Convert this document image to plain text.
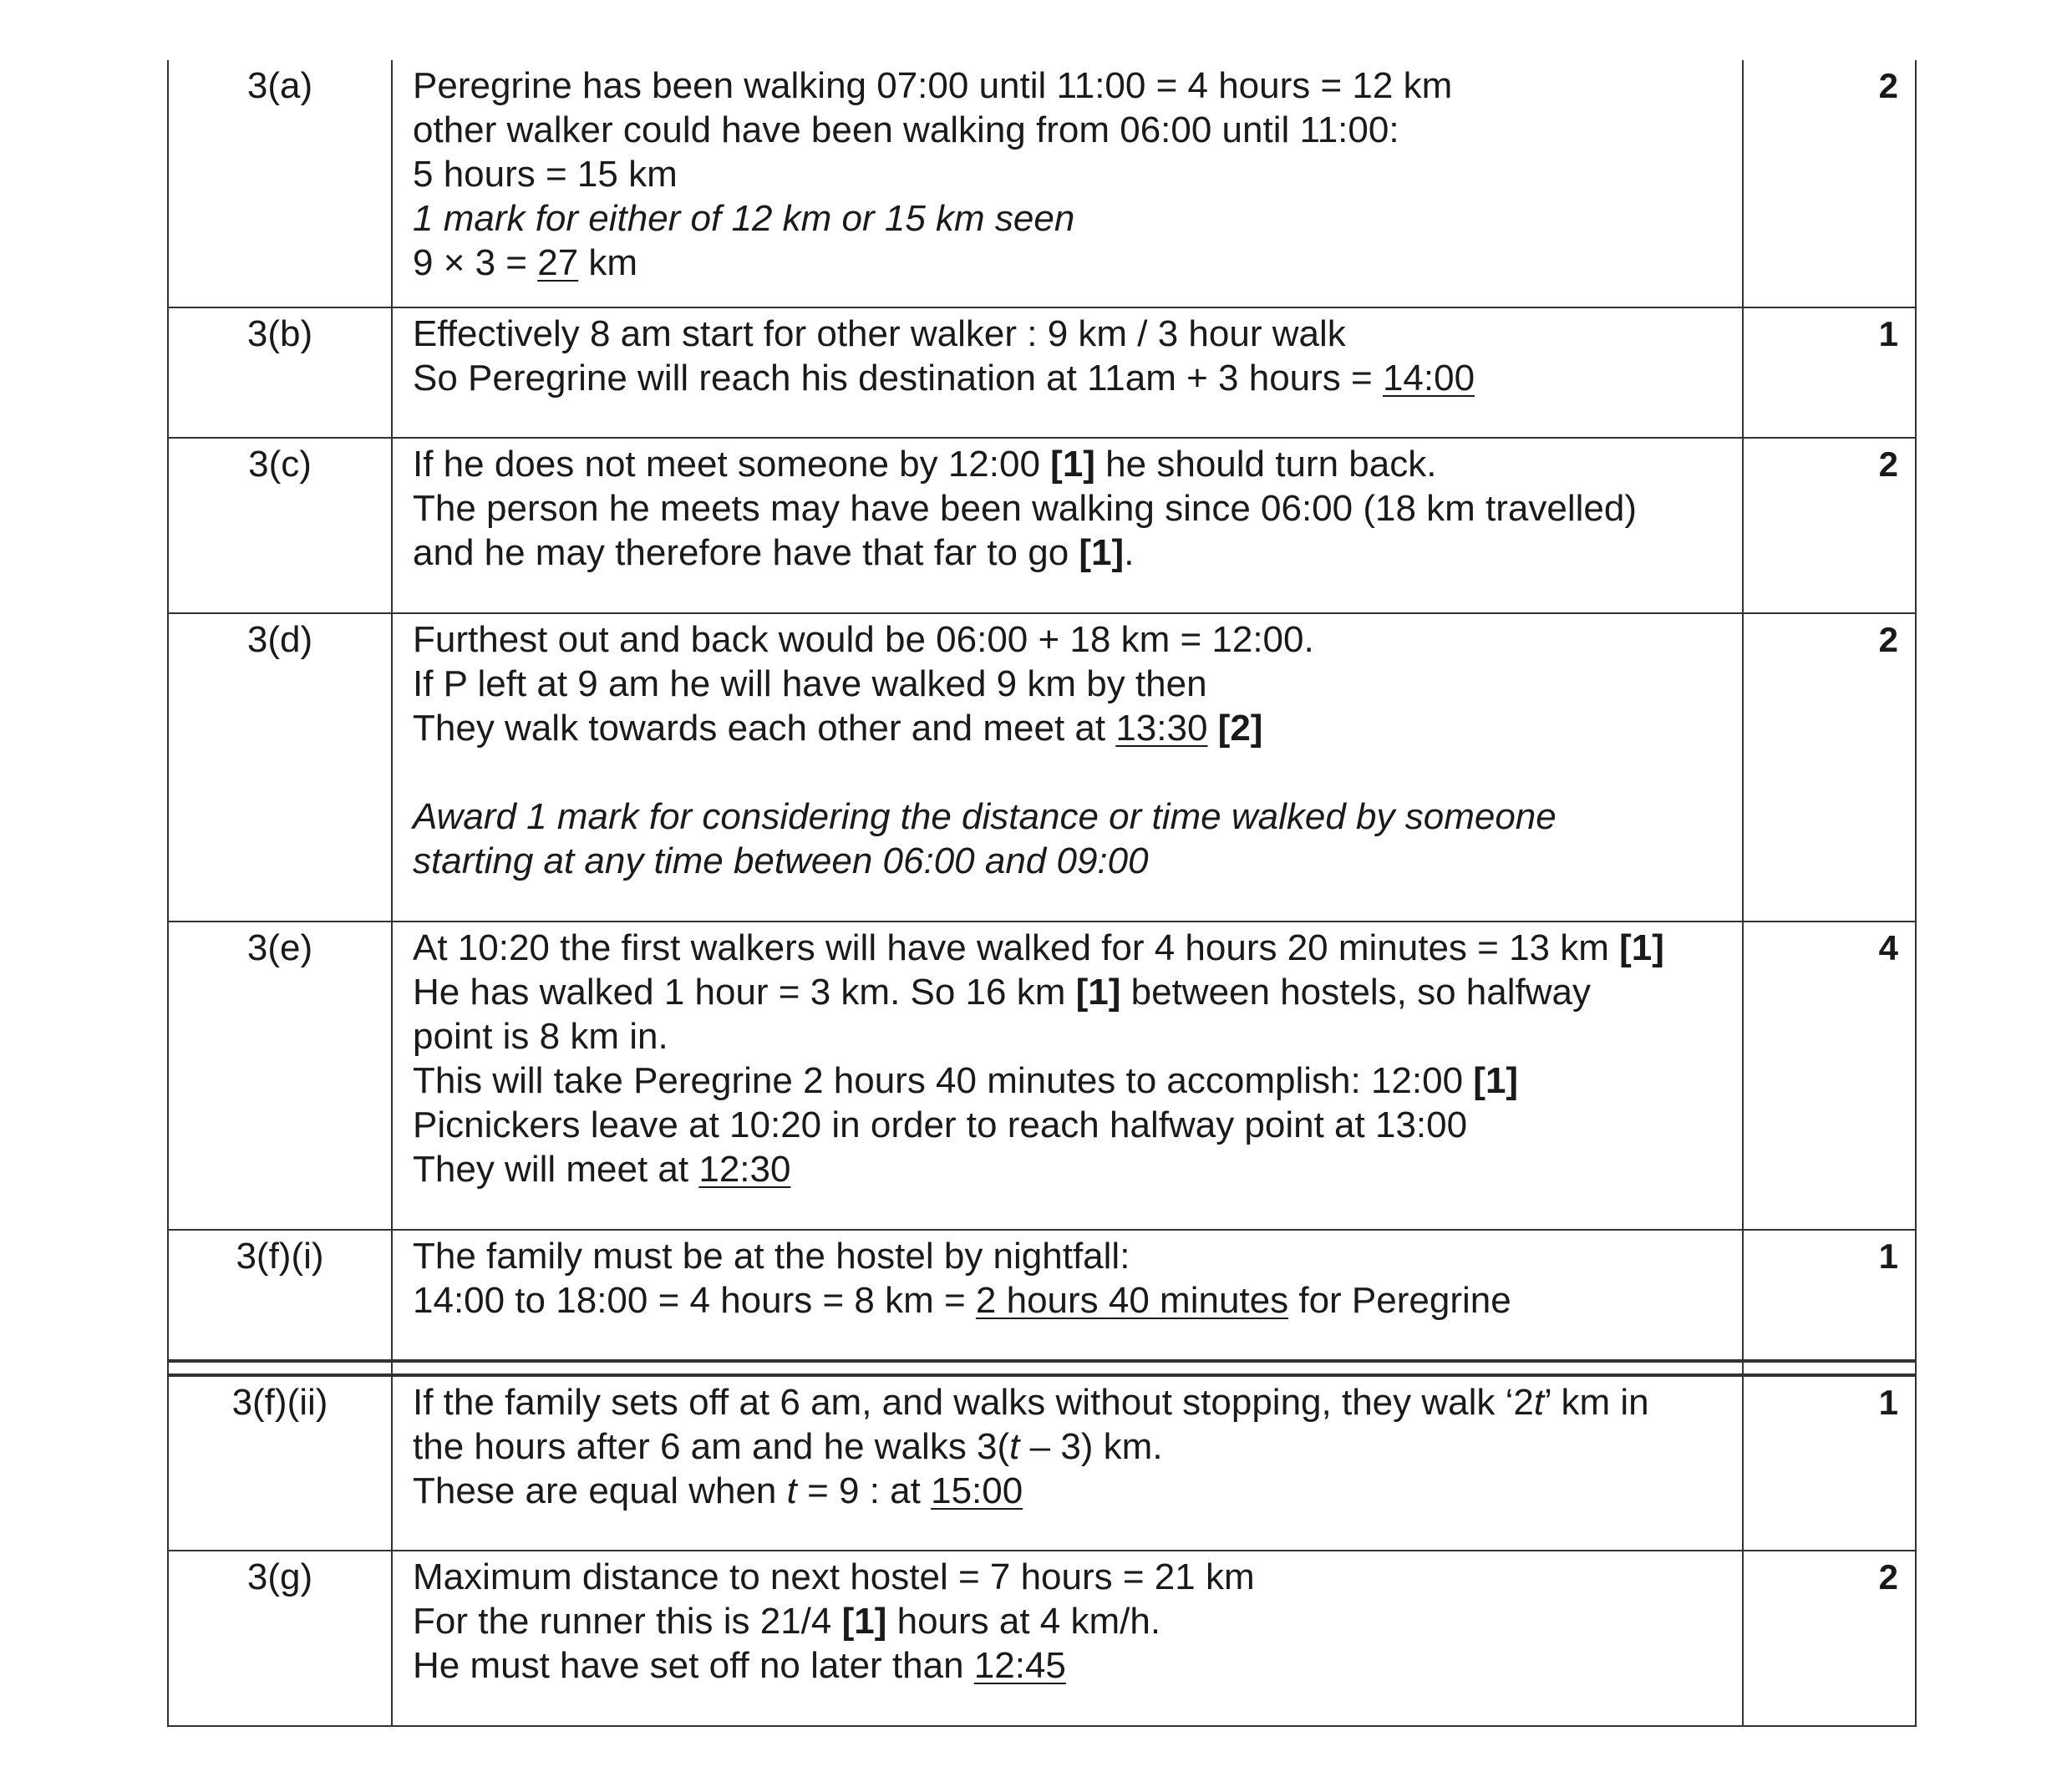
3(a)	Peregrine has been walking 07:00 until 11:00 = 4 hours = 12 km
other walker could have been walking from 06:00 until 11:00:
5 hours = 15 km
1 mark for either of 12 km or 15 km seen
9 × 3 = 27 km
2
3(b)	Effectively 8 am start for other walker : 9 km / 3 hour walk
So Peregrine will reach his destination at 11am + 3 hours = 14:00
1
3(c)	If he does not meet someone by 12:00 [1] he should turn back.
The person he meets may have been walking since 06:00 (18 km travelled)
and he may therefore have that far to go [1].
2
3(d)	Furthest out and back would be 06:00 + 18 km = 12:00.
If P left at 9 am he will have walked 9 km by then
They walk towards each other and meet at 13:30 [2]
Award 1 mark for considering the distance or time walked by someone
starting at any time between 06:00 and 09:00
2
3(e)	At 10:20 the first walkers will have walked for 4 hours 20 minutes = 13 km [1]
He has walked 1 hour = 3 km. So 16 km [1] between hostels, so halfway
point is 8 km in.
This will take Peregrine 2 hours 40 minutes to accomplish: 12:00 [1]
Picnickers leave at 10:20 in order to reach halfway point at 13:00
They will meet at 12:30
4
3(f)(i)	The family must be at the hostel by nightfall:
14:00 to 18:00 = 4 hours = 8 km = 2 hours 40 minutes for Peregrine
1
3(f)(ii)	If the family sets off at 6 am, and walks without stopping, they walk ‘2t’ km in
the hours after 6 am and he walks 3(t – 3) km.
These are equal when t = 9 : at 15:00
1
3(g)	Maximum distance to next hostel = 7 hours = 21 km
For the runner this is 21/4 [1] hours at 4 km/h.
He must have set off no later than 12:45
2
